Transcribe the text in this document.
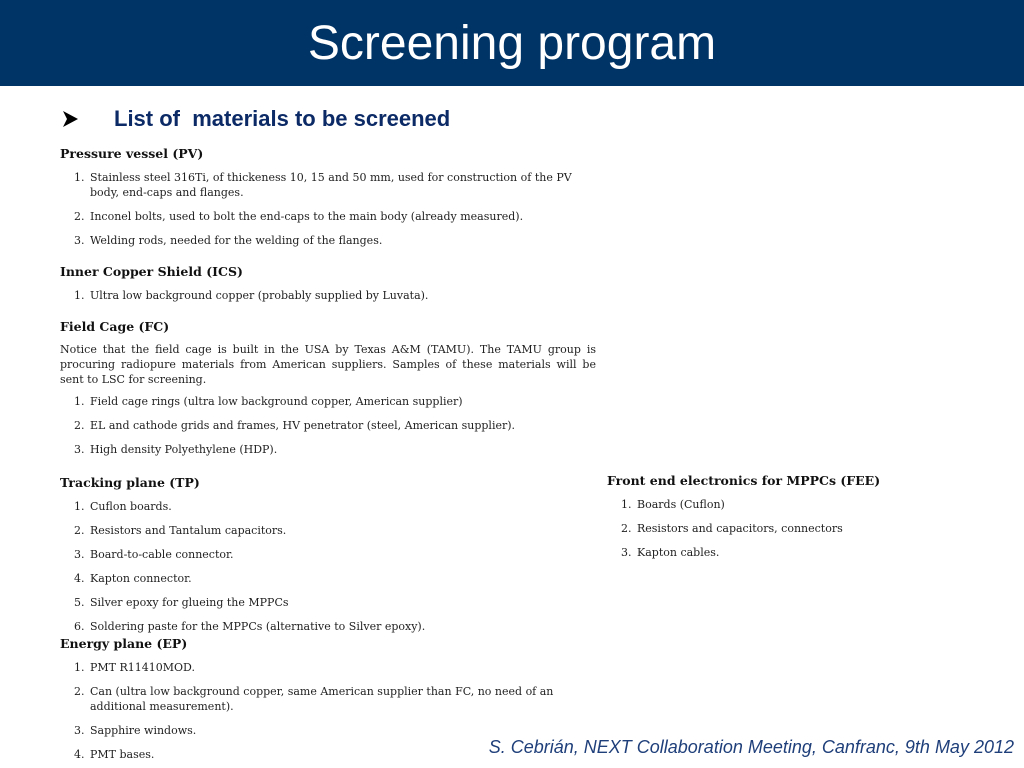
Screening program
List of  materials to be screened

Pressure vessel (PV)

1. Stainless steel 316Ti, of thickeness 10, 15 and 50 mm, used for construction of the PV body, end-caps and flanges.
2. Inconel bolts, used to bolt the end-caps to the main body (already measured).
3. Welding rods, needed for the welding of the flanges.

Inner Copper Shield (ICS)

1. Ultra low background copper (probably supplied by Luvata).

Field Cage (FC)

Notice that the field cage is built in the USA by Texas A&M (TAMU). The TAMU group is procuring radiopure materials from American suppliers. Samples of these materials will be sent to LSC for screening.

1. Field cage rings (ultra low background copper, American supplier)
2. EL and cathode grids and frames, HV penetrator (steel, American supplier).
3. High density Polyethylene (HDP).

Tracking plane (TP)

1. Cuflon boards.
2. Resistors and Tantalum capacitors.
3. Board-to-cable connector.
4. Kapton connector.
5. Silver epoxy for glueing the MPPCs
6. Soldering paste for the MPPCs (alternative to Silver epoxy).

Energy plane (EP)

1. PMT R11410MOD.
2. Can (ultra low background copper, same American supplier than FC, no need of an additional measurement).
3. Sapphire windows.
4. PMT bases.

Front end electronics for MPPCs (FEE)

1. Boards (Cuflon)
2. Resistors and capacitors, connectors
3. Kapton cables.
S. Cebrián, NEXT Collaboration Meeting, Canfranc, 9th May 2012
